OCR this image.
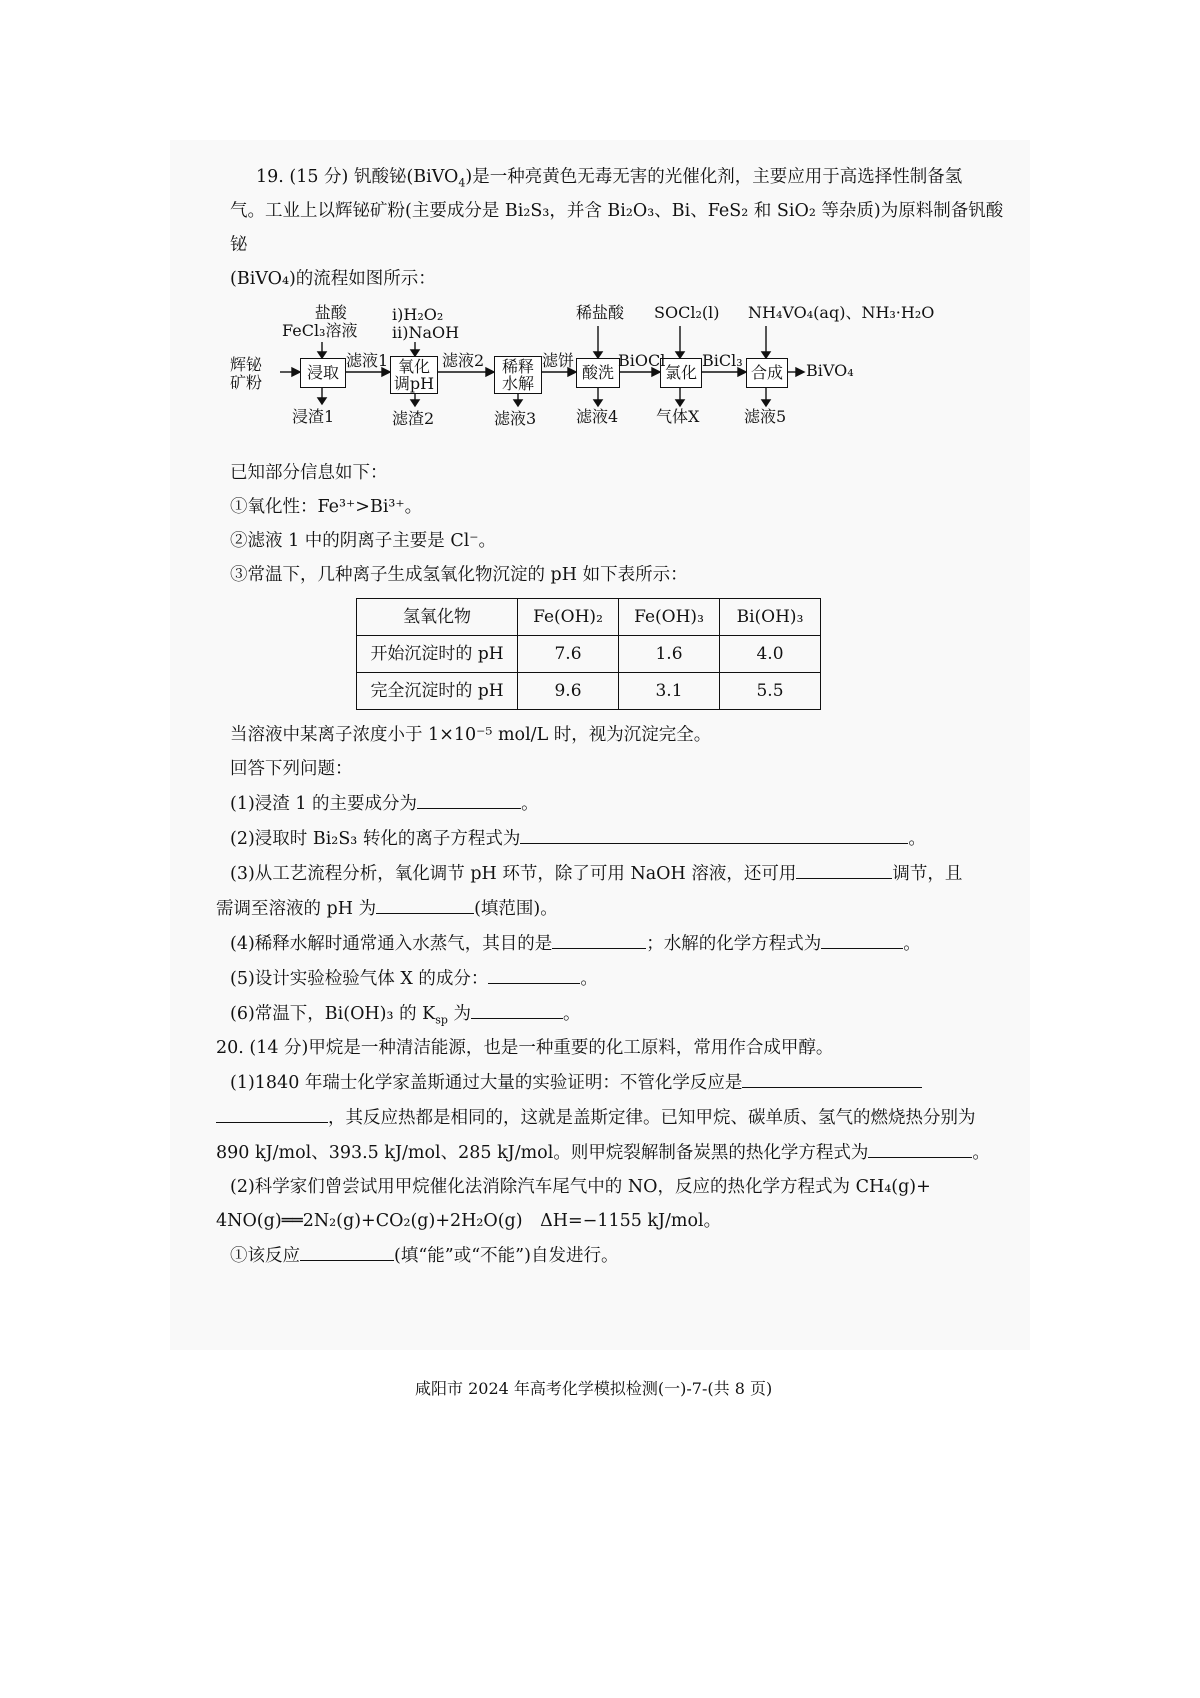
19. (15 分) 钒酸铋(BiVO$_4$)是一种亮黄色无毒无害的光催化剂，主要应用于高选择性制备氢

气。工业上以辉铋矿粉(主要成分是 Bi₂S₃，并含 Bi₂O₃、Bi、FeS₂ 和 SiO₂ 等杂质)为原料制备钒酸铋

(BiVO₄)的流程如图所示：

辉铋
矿粉
盐酸
FeCl₃溶液
i)H₂O₂
ii)NaOH
稀盐酸 SOCl₂(l) NH₄VO₄(aq)、NH₃·H₂O
浸取	氧化
调pH
稀释
水解
酸洗	氯化	合成
滤液1	滤液2	滤饼	BiOCl BiCl₃
BiVO₄
浸渣1	滤渣2	滤液3 滤液4 气体X	滤液5

已知部分信息如下：

①氧化性：Fe³⁺>Bi³⁺。

②滤液 1 中的阴离子主要是 Cl⁻。

③常温下，几种离子生成氢氧化物沉淀的 pH 如下表所示：

氢氧化物	Fe(OH)₂	Fe(OH)₃	Bi(OH)₃
开始沉淀时的 pH	7.6	1.6	4.0
完全沉淀时的 pH	9.6	3.1	5.5

当溶液中某离子浓度小于 1×10⁻⁵ mol/L 时，视为沉淀完全。

回答下列问题：

(1)浸渣 1 的主要成分为	。

(2)浸取时 Bi₂S₃ 转化的离子方程式为	。

(3)从工艺流程分析，氧化调节 pH 环节，除了可用 NaOH 溶液，还可用	调节，且

需调至溶液的 pH 为	(填范围)。

(4)稀释水解时通常通入水蒸气，其目的是	；水解的化学方程式为	。

(5)设计实验检验气体 X 的成分：	。

(6)常温下，Bi(OH)₃ 的 $K_{sp}$ 为	。

20. (14 分)甲烷是一种清洁能源，也是一种重要的化工原料，常用作合成甲醇。

(1)1840 年瑞士化学家盖斯通过大量的实验证明：不管化学反应是

，其反应热都是相同的，这就是盖斯定律。已知甲烷、碳单质、氢气的燃烧热分别为

890 kJ/mol、393.5 kJ/mol、285 kJ/mol。则甲烷裂解制备炭黑的热化学方程式为	。

(2)科学家们曾尝试用甲烷催化法消除汽车尾气中的 NO，反应的热化学方程式为 CH₄(g)+

4NO(g)══2N₂(g)+CO₂(g)+2H₂O(g)　ΔH=−1155 kJ/mol。

①该反应	(填“能”或“不能”)自发进行。

咸阳市 2024 年高考化学模拟检测(一)-7-(共 8 页)
